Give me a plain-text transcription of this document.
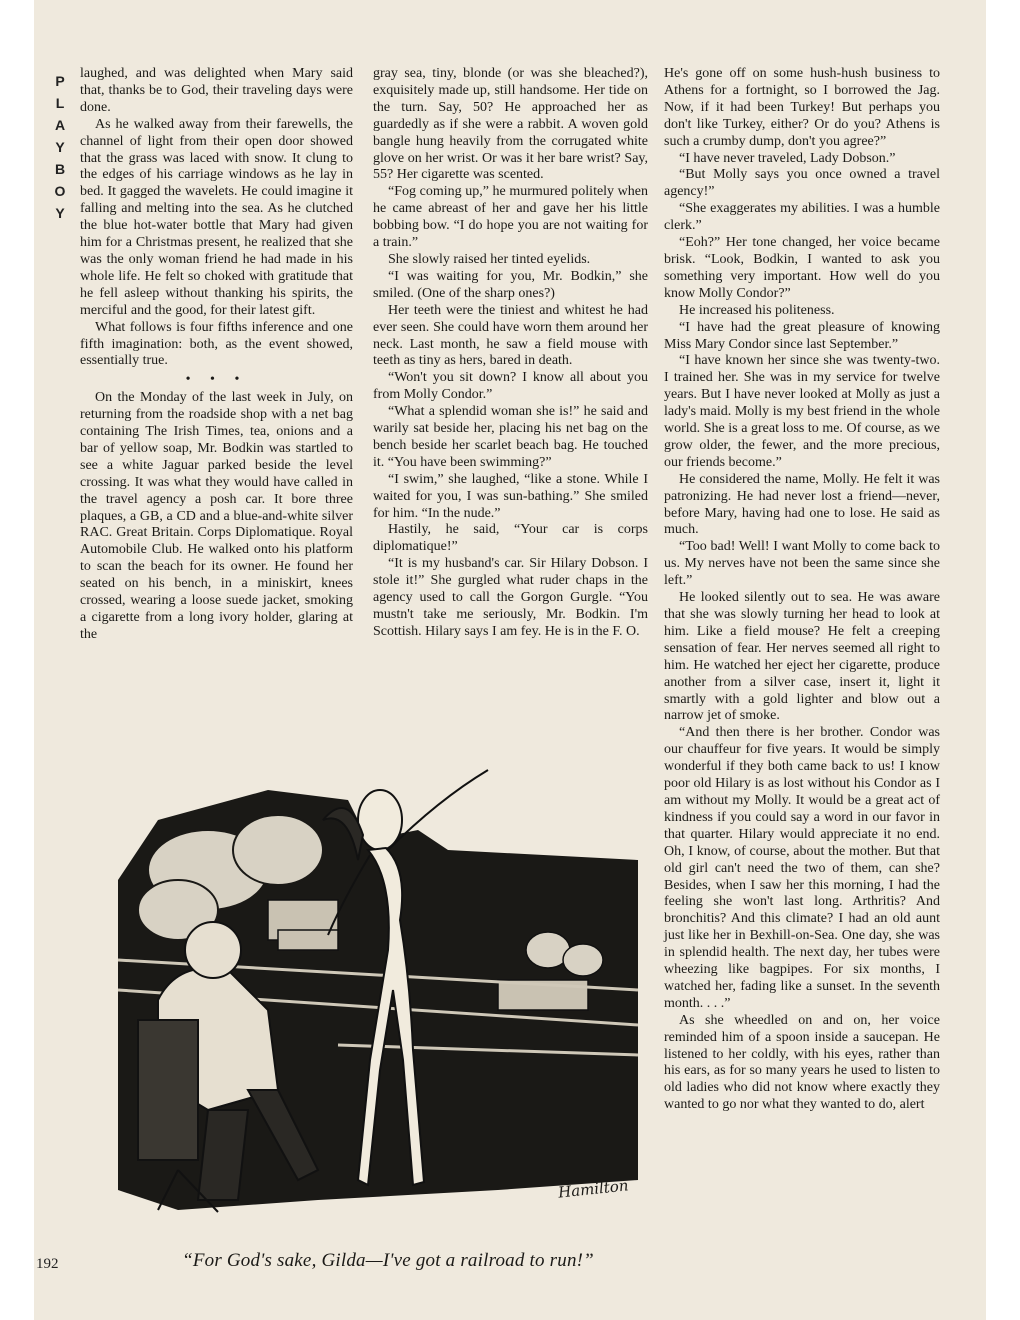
P
L
A
Y
B
O
Y

laughed, and was delighted when Mary said that, thanks be to God, their traveling days were done.

As he walked away from their farewells, the channel of light from their open door showed that the grass was laced with snow. It clung to the edges of his carriage windows as he lay in bed. It gagged the wavelets. He could imagine it falling and melting into the sea. As he clutched the blue hot-water bottle that Mary had given him for a Christmas present, he realized that she was the only woman friend he had made in his whole life. He felt so choked with gratitude that he fell asleep without thanking his spirits, the merciful and the good, for their latest gift.

What follows is four fifths inference and one fifth imagination: both, as the event showed, essentially true.

• • •

On the Monday of the last week in July, on returning from the roadside shop with a net bag containing The Irish Times, tea, onions and a bar of yellow soap, Mr. Bodkin was startled to see a white Jaguar parked beside the level crossing. It was what they would have called in the travel agency a posh car. It bore three plaques, a GB, a CD and a blue-and-white silver RAC. Great Britain. Corps Diplomatique. Royal Automobile Club. He walked onto his platform to scan the beach for its owner. He found her seated on his bench, in a miniskirt, knees crossed, wearing a loose suede jacket, smoking a cigarette from a long ivory holder, glaring at the

gray sea, tiny, blonde (or was she bleached?), exquisitely made up, still handsome. Her tide on the turn. Say, 50? He approached her as guardedly as if she were a rabbit. A woven gold bangle hung heavily from the corrugated white glove on her wrist. Or was it her bare wrist? Say, 55? Her cigarette was scented.

“Fog coming up,” he murmured politely when he came abreast of her and gave her his little bobbing bow. “I do hope you are not waiting for a train.”

She slowly raised her tinted eyelids.

“I was waiting for you, Mr. Bodkin,” she smiled. (One of the sharp ones?)

Her teeth were the tiniest and whitest he had ever seen. She could have worn them around her neck. Last month, he saw a field mouse with teeth as tiny as hers, bared in death.

“Won't you sit down? I know all about you from Molly Condor.”

“What a splendid woman she is!” he said and warily sat beside her, placing his net bag on the bench beside her scarlet beach bag. He touched it. “You have been swimming?”

“I swim,” she laughed, “like a stone. While I waited for you, I was sun-bathing.” She smiled for him. “In the nude.”

Hastily, he said, “Your car is corps diplomatique!”

“It is my husband's car. Sir Hilary Dobson. I stole it!” She gurgled what ruder chaps in the agency used to call the Gorgon Gurgle. “You mustn't take me seriously, Mr. Bodkin. I'm Scottish. Hilary says I am fey. He is in the F. O.

He's gone off on some hush-hush business to Athens for a fortnight, so I borrowed the Jag. Now, if it had been Turkey! But perhaps you don't like Turkey, either? Or do you? Athens is such a crumby dump, don't you agree?”

“I have never traveled, Lady Dobson.”

“But Molly says you once owned a travel agency!”

“She exaggerates my abilities. I was a humble clerk.”

“Eoh?” Her tone changed, her voice became brisk. “Look, Bodkin, I wanted to ask you something very important. How well do you know Molly Condor?”

He increased his politeness.

“I have had the great pleasure of knowing Miss Mary Condor since last September.”

“I have known her since she was twenty-two. I trained her. She was in my service for twelve years. But I have never looked at Molly as just a lady's maid. Molly is my best friend in the whole world. She is a great loss to me. Of course, as we grow older, the fewer, and the more precious, our friends become.”

He considered the name, Molly. He felt it was patronizing. He had never lost a friend—never, before Mary, having had one to lose. He said as much.

“Too bad! Well! I want Molly to come back to us. My nerves have not been the same since she left.”

He looked silently out to sea. He was aware that she was slowly turning her head to look at him. Like a field mouse? He felt a creeping sensation of fear. Her nerves seemed all right to him. He watched her eject her cigarette, produce another from a silver case, insert it, light it smartly with a gold lighter and blow out a narrow jet of smoke.

“And then there is her brother. Condor was our chauffeur for five years. It would be simply wonderful if they both came back to us! I know poor old Hilary is as lost without his Condor as I am without my Molly. It would be a great act of kindness if you could say a word in our favor in that quarter. Hilary would appreciate it no end. Oh, I know, of course, about the mother. But that old girl can't need the two of them, can she? Besides, when I saw her this morning, I had the feeling she won't last long. Arthritis? And bronchitis? And this climate? I had an old aunt just like her in Bexhill-on-Sea. One day, she was in splendid health. The next day, her tubes were wheezing like bagpipes. For six months, I watched her, fading like a sunset. In the seventh month. . . .”

As she wheedled on and on, her voice reminded him of a spoon inside a saucepan. He listened to her coldly, with his eyes, rather than his ears, as for so many years he used to listen to old ladies who did not know where exactly they wanted to go nor what they wanted to do, alert

Hamilton
192	“For God's sake, Gilda—I've got a railroad to run!”
